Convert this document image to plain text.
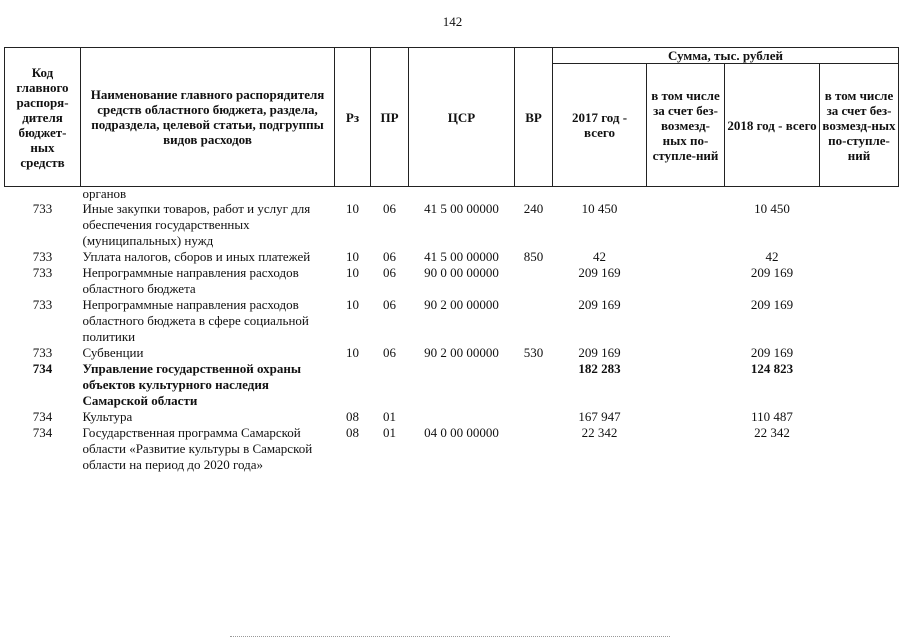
142
Код главного распоря-дителя бюджет-ных средств	Наименование главного распорядителя средств областного бюджета, раздела, подраздела, целевой статьи, подгруппы видов расходов	Рз	ПР	ЦСР	ВР	Сумма, тыс. рублей			
						2017 год - всего	в том числе за счет без-возмезд-ных по-ступле-ний	2018 год - всего	в том числе за счет без-возмезд-ных по-ступле-ний
	органов								
733	Иные закупки товаров, работ и услуг для обеспечения государственных (муниципальных) нужд	10	06	41 5 00 00000	240	10 450		10 450	
733	Уплата налогов, сборов и иных платежей	10	06	41 5 00 00000	850	42		42	
733	Непрограммные направления расходов областного бюджета	10	06	90 0 00 00000		209 169		209 169	
733	Непрограммные направления расходов областного бюджета в сфере социальной политики	10	06	90 2 00 00000		209 169		209 169	
733	Субвенции	10	06	90 2 00 00000	530	209 169		209 169	
734	Управление государственной охраны объектов культурного наследия Самарской области					182 283		124 823	
734	Культура	08	01			167 947		110 487	
734	Государственная программа Самарской области «Развитие культуры в Самарской области на период до 2020 года»	08	01	04 0 00 00000		22 342		22 342	
